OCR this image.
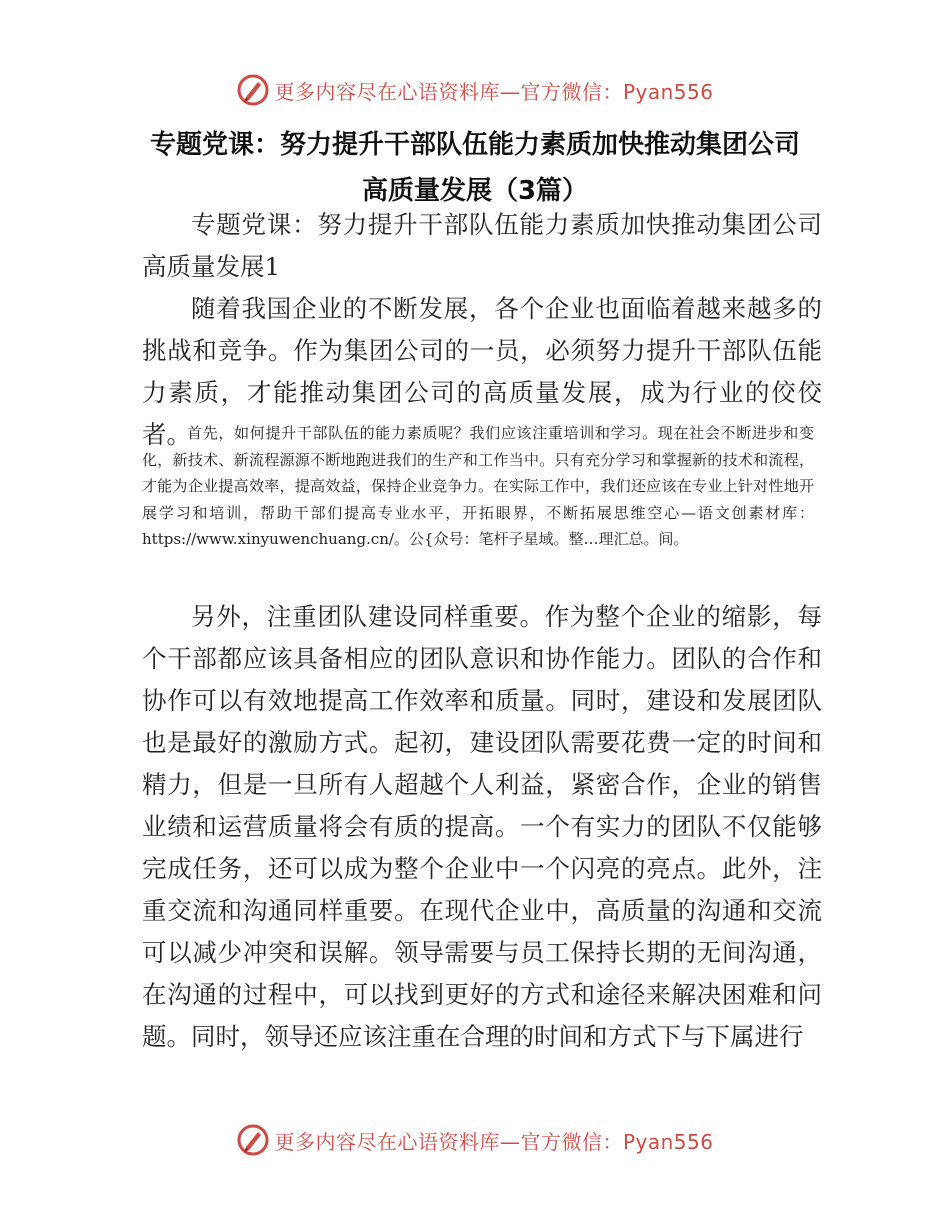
更多内容尽在心语资料库—官方微信：Pyan556
专题党课：努力提升干部队伍能力素质加快推动集团公司
高质量发展（3篇）

专题党课：努力提升干部队伍能力素质加快推动集团公司高质量发展1

随着我国企业的不断发展，各个企业也面临着越来越多的挑战和竞争。作为集团公司的一员，必须努力提升干部队伍能力素质，才能推动集团公司的高质量发展，成为行业的佼佼者。

首先，如何提升干部队伍的能力素质呢？我们应该注重培训和学习。现在社会不断进步和变化，新技术、新流程源源不断地跑进我们的生产和工作当中。只有充分学习和掌握新的技术和流程，才能为企业提高效率，提高效益，保持企业竞争力。在实际工作中，我们还应该在专业上针对性地开展学习和培训，帮助干部们提高专业水平，开拓眼界，不断拓展思维空心—语文创素材库：https://www.xinyuwenchuang.cn/。公{众号：笔杆子星域。整…理汇总。间。

另外，注重团队建设同样重要。作为整个企业的缩影，每个干部都应该具备相应的团队意识和协作能力。团队的合作和协作可以有效地提高工作效率和质量。同时，建设和发展团队也是最好的激励方式。起初，建设团队需要花费一定的时间和精力，但是一旦所有人超越个人利益，紧密合作，企业的销售业绩和运营质量将会有质的提高。一个有实力的团队不仅能够完成任务，还可以成为整个企业中一个闪亮的亮点。此外，注重交流和沟通同样重要。在现代企业中，高质量的沟通和交流可以减少冲突和误解。领导需要与员工保持长期的无间沟通，在沟通的过程中，可以找到更好的方式和途径来解决困难和问题。同时，领导还应该注重在合理的时间和方式下与下属进行

更多内容尽在心语资料库—官方微信：Pyan556
